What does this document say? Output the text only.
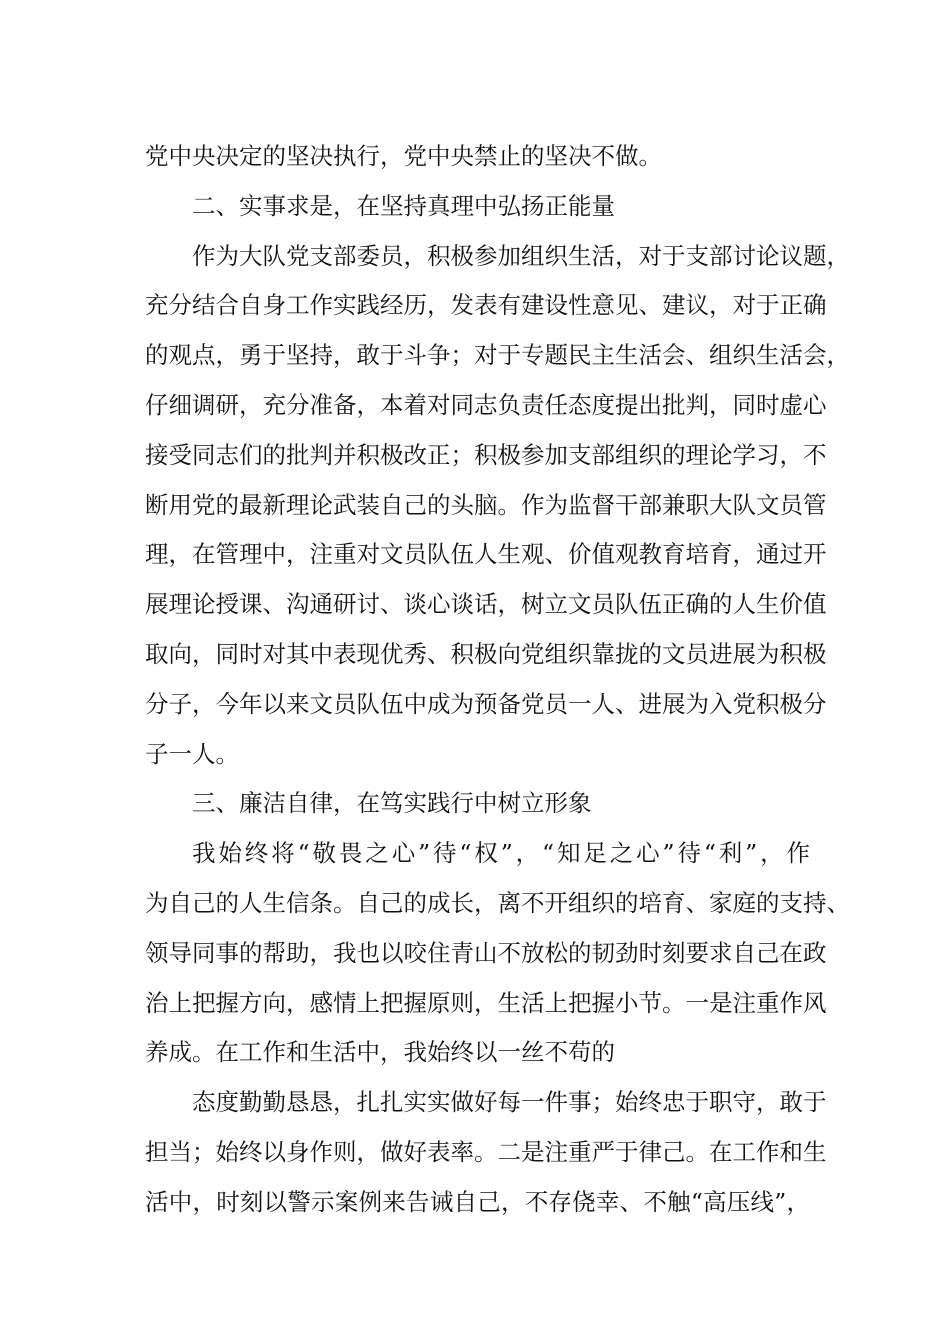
党中央决定的坚决执行，党中央禁止的坚决不做。

二、实事求是，在坚持真理中弘扬正能量

作为大队党支部委员，积极参加组织生活，对于支部讨论议题，
充分结合自身工作实践经历，发表有建设性意见、建议，对于正确
的观点，勇于坚持，敢于斗争；对于专题民主生活会、组织生活会，
仔细调研，充分准备，本着对同志负责任态度提出批判，同时虚心
接受同志们的批判并积极改正；积极参加支部组织的理论学习，不
断用党的最新理论武装自己的头脑。作为监督干部兼职大队文员管
理，在管理中，注重对文员队伍人生观、价值观教育培育，通过开
展理论授课、沟通研讨、谈心谈话，树立文员队伍正确的人生价值
取向，同时对其中表现优秀、积极向党组织靠拢的文员进展为积极
分子，今年以来文员队伍中成为预备党员一人、进展为入党积极分
子一人。

三、廉洁自律，在笃实践行中树立形象

我始终将“敬畏之心”待“权”，“知足之心”待“利”，作
为自己的人生信条。自己的成长，离不开组织的培育、家庭的支持、
领导同事的帮助，我也以咬住青山不放松的韧劲时刻要求自己在政
治上把握方向，感情上把握原则，生活上把握小节。一是注重作风
养成。在工作和生活中，我始终以一丝不苟的

态度勤勤恳恳，扎扎实实做好每一件事；始终忠于职守，敢于
担当；始终以身作则，做好表率。二是注重严于律己。在工作和生
活中，时刻以警示案例来告诫自己，不存侥幸、不触“高压线”，
